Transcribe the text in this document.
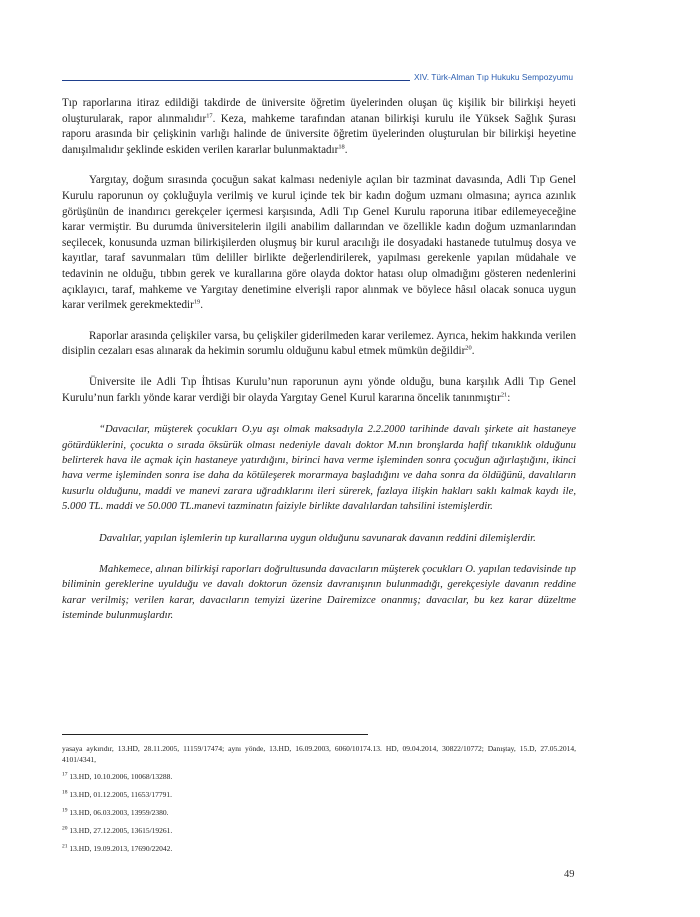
XIV. Türk-Alman Tıp Hukuku Sempozyumu

Tıp raporlarına itiraz edildiği takdirde de üniversite öğretim üyelerinden oluşan üç kişilik bir bilirkişi heyeti oluşturularak, rapor alınmalıdır$^{17}$. Keza, mahkeme tarafından atanan bilirkişi kurulu ile Yüksek Sağlık Şurası raporu arasında bir çelişkinin varlığı halinde de üniversite öğretim üyelerinden oluşturulan bir bilirkişi heyetine danışılmalıdır şeklinde eskiden verilen kararlar bulunmaktadır$^{18}$.

Yargıtay, doğum sırasında çocuğun sakat kalması nedeniyle açılan bir tazminat davasında, Adli Tıp Genel Kurulu raporunun oy çokluğuyla verilmiş ve kurul içinde tek bir kadın doğum uzmanı olmasına; ayrıca azınlık görüşünün de inandırıcı gerekçeler içermesi karşısında, Adli Tıp Genel Kurulu raporuna itibar edilemeyeceğine karar vermiştir. Bu durumda üniversitelerin ilgili anabilim dallarından ve özellikle kadın doğum uzmanlarından seçilecek, konusunda uzman bilirkişilerden oluşmuş bir kurul aracılığı ile dosyadaki hastanede tutulmuş dosya ve kayıtlar, taraf savunmaları tüm deliller birlikte değerlendirilerek, yapılması gerekenle yapılan müdahale ve tedavinin ne olduğu, tıbbın gerek ve kurallarına göre olayda doktor hatası olup olmadığını gösteren nedenlerini açıklayıcı, taraf, mahkeme ve Yargıtay denetimine elverişli rapor alınmak ve böylece hâsıl olacak sonuca uygun karar verilmek gerekmektedir$^{19}$.

Raporlar arasında çelişkiler varsa, bu çelişkiler giderilmeden karar verilemez. Ayrıca, hekim hakkında verilen disiplin cezaları esas alınarak da hekimin sorumlu olduğunu kabul etmek mümkün değildir$^{20}$.

Üniversite ile Adli Tıp İhtisas Kurulu’nun raporunun aynı yönde olduğu, buna karşılık Adli Tıp Genel Kurulu’nun farklı yönde karar verdiği bir olayda Yargıtay Genel Kurul kararına öncelik tanınmıştır$^{21}$:

“Davacılar, müşterek çocukları O.yu aşı olmak maksadıyla 2.2.2000 tarihinde davalı şirkete ait hastaneye götürdüklerini, çocukta o sırada öksürük olması nedeniyle davalı doktor M.nın bronşlarda hafif tıkanıklık olduğunu belirterek hava ile açmak için hastaneye yatırdığını, birinci hava verme işleminden sonra çocuğun ağırlaştığını, ikinci hava verme işleminden sonra ise daha da kötüleşerek morarmaya başladığını ve daha sonra da öldüğünü, davalıların kusurlu olduğunu, maddi ve manevi zarara uğradıklarını ileri sürerek, fazlaya ilişkin hakları saklı kalmak kaydı ile, 5.000 TL. maddi ve 50.000 TL.manevi tazminatın faiziyle birlikte davalılardan tahsilini istemişlerdir.

Davalılar, yapılan işlemlerin tıp kurallarına uygun olduğunu savunarak davanın reddini dilemişlerdir.

Mahkemece, alınan bilirkişi raporları doğrultusunda davacıların müşterek çocukları O. yapılan tedavisinde tıp biliminin gereklerine uyulduğu ve davalı doktorun özensiz davranışının bulunmadığı, gerekçesiyle davanın reddine karar verilmiş; verilen karar, davacıların temyizi üzerine Dairemizce onanmış; davacılar, bu kez karar düzeltme isteminde bulunmuşlardır.

yasaya aykırıdır, 13.HD, 28.11.2005, 11159/17474; aynı yönde, 13.HD, 16.09.2003, 6060/10174.13. HD, 09.04.2014, 30822/10772; Danıştay, 15.D, 27.05.2014, 4101/4341,

$^{17}$ 13.HD, 10.10.2006, 10068/13288.

$^{18}$ 13.HD, 01.12.2005, 11653/17791.

$^{19}$ 13.HD, 06.03.2003, 13959/2380.

$^{20}$ 13.HD, 27.12.2005, 13615/19261.

$^{21}$ 13.HD, 19.09.2013, 17690/22042.

49
